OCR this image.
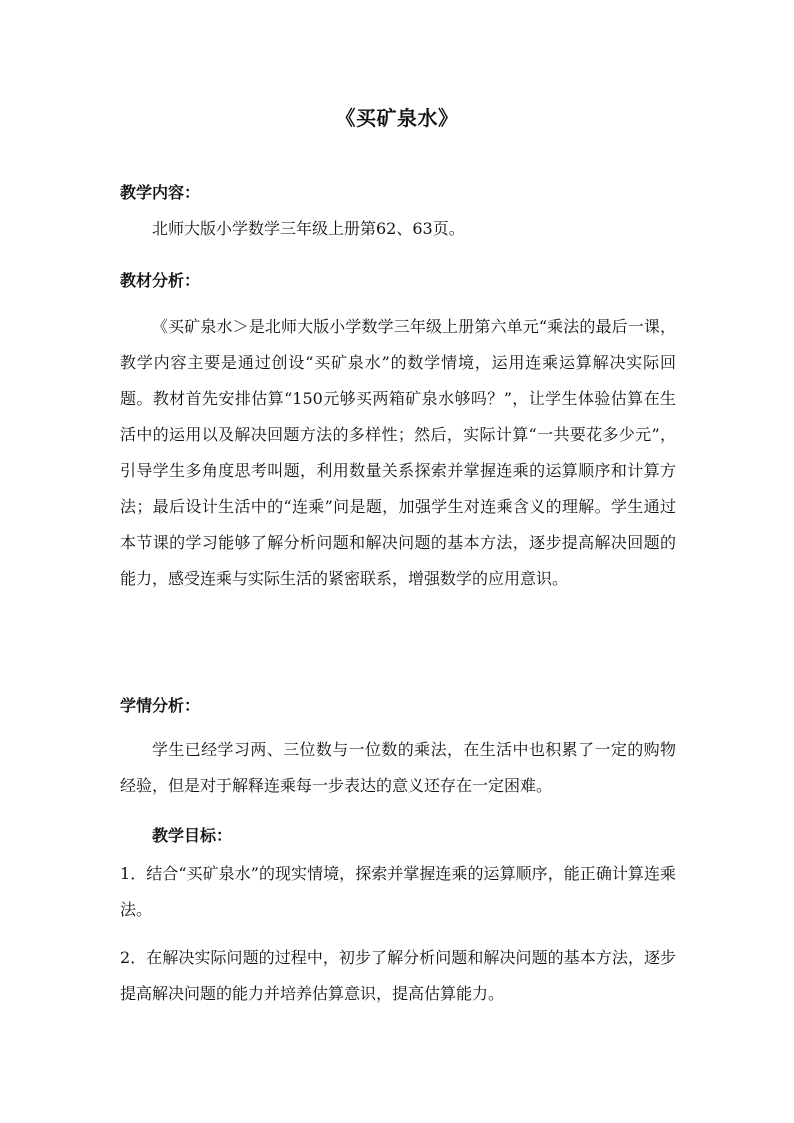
《买矿泉水》
教学内容：

北师大版小学数学三年级上册第62、63页。

教材分析：

《买矿泉水＞是北师大版小学数学三年级上册第六单元“乘法的最后一课，教学内容主要是通过创设“买矿泉水”的数学情境，运用连乘运算解决实际回题。教材首先安排估算“150元够买两箱矿泉水够吗？”，让学生体验估算在生活中的运用以及解决回题方法的多样性；然后，实际计算“一共要花多少元”，引导学生多角度思考叫题，利用数量关系探索并掌握连乘的运算顺序和计算方法；最后设计生活中的“连乘”问是题，加强学生对连乘含义的理解。学生通过本节课的学习能够了解分析问题和解决问题的基本方法，逐步提高解决回题的能力，感受连乘与实际生活的紧密联系，增强数学的应用意识。

学情分析：

学生已经学习两、三位数与一位数的乘法，在生活中也积累了一定的购物经验，但是对于解释连乘每一步表达的意义还存在一定困难。

教学目标：

1．结合“买矿泉水”的现实情境，探索并掌握连乘的运算顺序，能正确计算连乘法。

2．在解决实际问题的过程中，初步了解分析问题和解决问题的基本方法，逐步提高解决问题的能力并培养估算意识，提高估算能力。
